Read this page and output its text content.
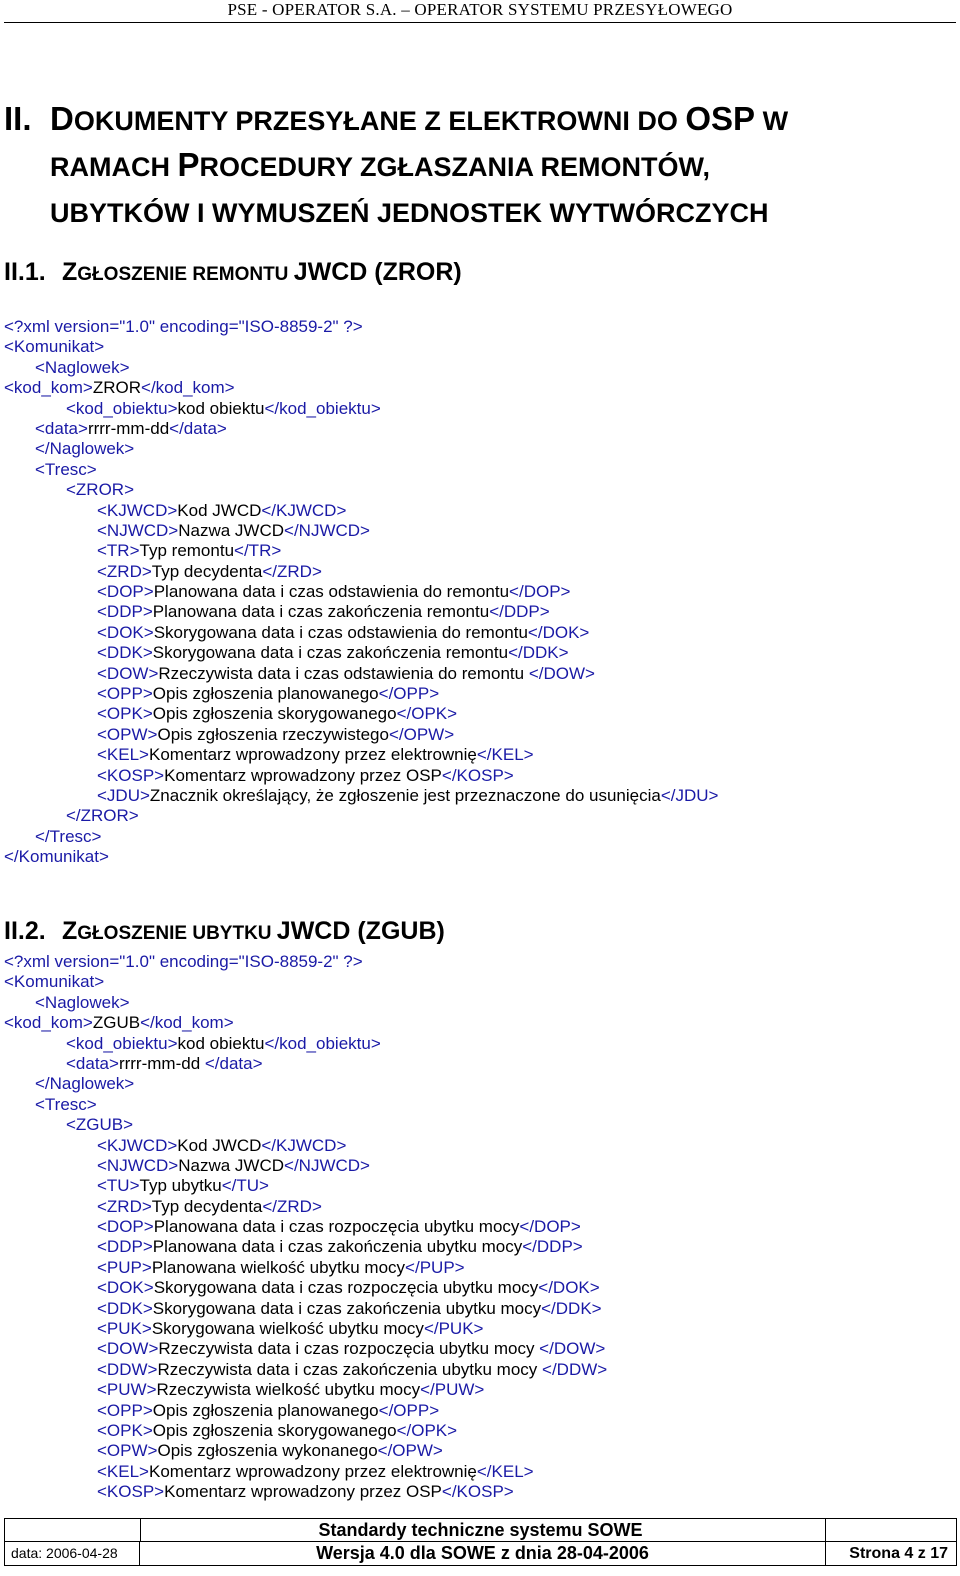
PSE - OPERATOR S.A. – OPERATOR SYSTEMU PRZESYŁOWEGO
II. DOKUMENTY PRZESYŁANE Z ELEKTROWNI DO OSP W
RAMACH PROCEDURY ZGŁASZANIA REMONTÓW,
UBYTKÓW I WYMUSZEŃ JEDNOSTEK WYTWÓRCZYCH
II.1. ZGŁOSZENIE REMONTU JWCD (ZROR)
<?xml version="1.0" encoding="ISO-8859-2" ?>
<Komunikat>
<Naglowek>
<kod_kom>ZROR</kod_kom>
<kod_obiektu>kod obiektu</kod_obiektu>
<data>rrrr-mm-dd</data>
</Naglowek>
<Tresc>
<ZROR>
<KJWCD>Kod JWCD</KJWCD>
<NJWCD>Nazwa JWCD</NJWCD>
<TR>Typ remontu</TR>
<ZRD>Typ decydenta</ZRD>
<DOP>Planowana data i czas odstawienia do remontu</DOP>
<DDP>Planowana data i czas zakończenia remontu</DDP>
<DOK>Skorygowana data i czas odstawienia do remontu</DOK>
<DDK>Skorygowana data i czas zakończenia remontu</DDK>
<DOW>Rzeczywista data i czas odstawienia do remontu </DOW>
<OPP>Opis zgłoszenia planowanego</OPP>
<OPK>Opis zgłoszenia skorygowanego</OPK>
<OPW>Opis zgłoszenia rzeczywistego</OPW>
<KEL>Komentarz wprowadzony przez elektrownię</KEL>
<KOSP>Komentarz wprowadzony przez OSP</KOSP>
<JDU>Znacznik określający, że zgłoszenie jest przeznaczone do usunięcia</JDU>
</ZROR>
</Tresc>
</Komunikat>
II.2. ZGŁOSZENIE UBYTKU JWCD (ZGUB)
<?xml version="1.0" encoding="ISO-8859-2" ?>
<Komunikat>
<Naglowek>
<kod_kom>ZGUB</kod_kom>
<kod_obiektu>kod obiektu</kod_obiektu>
<data>rrrr-mm-dd </data>
</Naglowek>
<Tresc>
<ZGUB>
<KJWCD>Kod JWCD</KJWCD>
<NJWCD>Nazwa JWCD</NJWCD>
<TU>Typ ubytku</TU>
<ZRD>Typ decydenta</ZRD>
<DOP>Planowana data i czas rozpoczęcia ubytku mocy</DOP>
<DDP>Planowana data i czas zakończenia ubytku mocy</DDP>
<PUP>Planowana wielkość ubytku mocy</PUP>
<DOK>Skorygowana data i czas rozpoczęcia ubytku mocy</DOK>
<DDK>Skorygowana data i czas zakończenia ubytku mocy</DDK>
<PUK>Skorygowana wielkość ubytku mocy</PUK>
<DOW>Rzeczywista data i czas rozpoczęcia ubytku mocy </DOW>
<DDW>Rzeczywista data i czas zakończenia ubytku mocy </DDW>
<PUW>Rzeczywista wielkość ubytku mocy</PUW>
<OPP>Opis zgłoszenia planowanego</OPP>
<OPK>Opis zgłoszenia skorygowanego</OPK>
<OPW>Opis zgłoszenia wykonanego</OPW>
<KEL>Komentarz wprowadzony przez elektrownię</KEL>
<KOSP>Komentarz wprowadzony przez OSP</KOSP>
Standardy techniczne systemu SOWE
data: 2006-04-28	Wersja 4.0 dla SOWE z dnia 28-04-2006	Strona 4 z 17
